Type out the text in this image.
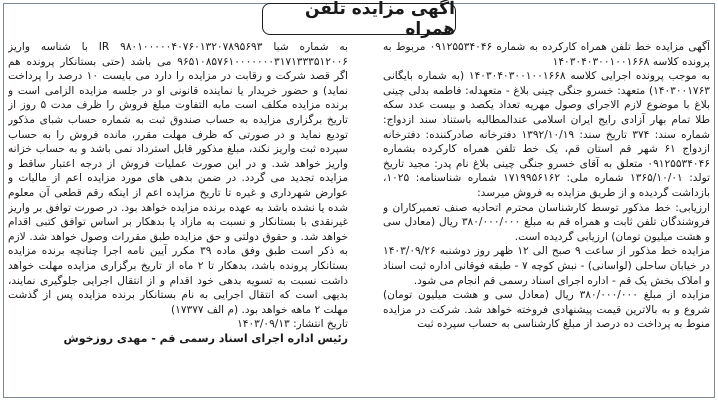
آگهی مزایده تلفن همراه

آگهی مزایده خط تلفن همراه کارکرده به شماره ۰۹۱۲۵۵۳۴۰۴۶ مربوط به پرونده کلاسه ۱۴۰۳۰۴۰۳۰۰۱۰۰۱۶۶۸

به موجب پرونده اجرایی کلاسه ۱۴۰۳۰۴۰۳۰۰۱۰۰۱۶۶۸ (به شماره بایگانی ۱۴۰۳۰۰۱۷۶۳) متعهد: خسرو جنگی چینی بلاغ - متعهدله: فاطمه بدلی چینی بلاغ با موضوع لازم الاجرای وصول مهریه تعداد یکصد و بیست عدد سکه طلا تمام بهار آزادی رایج ایران اسلامی عندالمطالبه باستناد سند ازدواج: شماره سند: ۳۷۴ تاریخ سند: ۱۳۹۲/۱۰/۱۹ دفترخانه صادرکننده: دفترخانه ازدواج ۶۱ شهر قم استان قم، یک خط تلفن همراه کارکرده بشماره ۰۹۱۲۵۵۳۴۰۴۶ متعلق به آقای خسرو جنگی چینی بلاغ نام پدر: مجید تاریخ تولد: ۱۳۶۵/۱۰/۰۱ شماره ملی: ۱۷۱۹۹۵۶۱۶۲ شماره شناسنامه: ۱۰۲۵، بازداشت گردیده و از طریق مزایده به فروش میرسد:

ارزیابی: خط مذکور توسط کارشناسان محترم اتحادیه صنف تعمیرکاران و فروشندگان تلفن ثابت و همراه قم به مبلغ ۳۸۰/۰۰۰/۰۰۰ ریال (معادل سی و هشت میلیون تومان) ارزیابی گردیده است.

مزایده خط مذکور از ساعت ۹ صبح الی ۱۲ ظهر روز دوشنبه ۱۴۰۳/۰۹/۲۶ در خیابان ساحلی (لواسانی) - نبش کوچه ۷ - طبقه فوقانی اداره ثبت اسناد و املاک بخش یک قم - اداره اجرای اسناد رسمی قم انجام می شود.

مزایده از مبلغ ۳۸۰/۰۰۰/۰۰۰ ریال (معادل سی و هشت میلیون تومان) شروع و به بالاترین قیمت پیشنهادی فروخته خواهد شد. شرکت در مزایده منوط به پرداخت ده درصد از مبلغ کارشناسی به حساب سپرده ثبت

به شماره شبا IR ۹۸۰۱۰۰۰۰۰۴۰۷۶۰۱۳۲۰۷۸۹۵۶۹۳ با شناسه واریز ۹۶۵۱۰۸۵۷۶۱۰۰۰۰۰۰۰۳۱۷۱۳۳۳۵۱۲۰۰۶ می باشد (حتی بستانکار پرونده هم اگر قصد شرکت و رقابت در مزایده را دارد می بایست ۱۰ درصد را پرداخت نماید) و حضور خریدار یا نماینده قانونی او در جلسه مزایده الزامی است و برنده مزایده مکلف است مابه التفاوت مبلغ فروش را ظرف مدت ۵ روز از تاریخ برگزاری مزایده به حساب صندوق ثبت به شماره حساب شبای مذکور تودیع نماید و در صورتی که ظرف مهلت مقرر، مانده فروش را به حساب سپرده ثبت واریز نکند، مبلغ مذکور قابل استرداد نمی باشد و به حساب خزانه واریز خواهد شد. و در این صورت عملیات فروش از درجه اعتبار ساقط و مزایده تجدید می گردد. در ضمن بدهی های مورد مزایده اعم از مالیات و عوارض شهرداری و غیره تا تاریخ مزایده اعم از اینکه رقم قطعی آن معلوم شده یا نشده باشد به عهده برنده مزایده خواهد بود. در صورت توافق بر واریز غیرنقدی با بستانکار و نسبت به مازاد یا بدهکار بر اساس توافق کتبی اقدام خواهد شد. و حقوق دولتی و حق مزایده طبق مقررات وصول خواهد شد. لازم به ذکر است طبق وفق ماده ۳۹ مکرر آیین نامه اجرا چنانچه برنده مزایده بستانکار پرونده باشد، بدهکار تا ۲ ماه از تاریخ برگزاری مزایده مهلت خواهد داشت نسبت به تسویه بدهی خود اقدام و از انتقال اجرایی جلوگیری نمایند، بدیهی است که انتقال اجرایی به نام بستانکار برنده مزایده پس از گذشت مهلت ۲ ماهه خواهد بود. (م الف ۱۷۳۷۷)

تاریخ انتشار: ۱۴۰۳/۰۹/۱۳

رئیس اداره اجرای اسناد رسمی قم - مهدی روزخوش
